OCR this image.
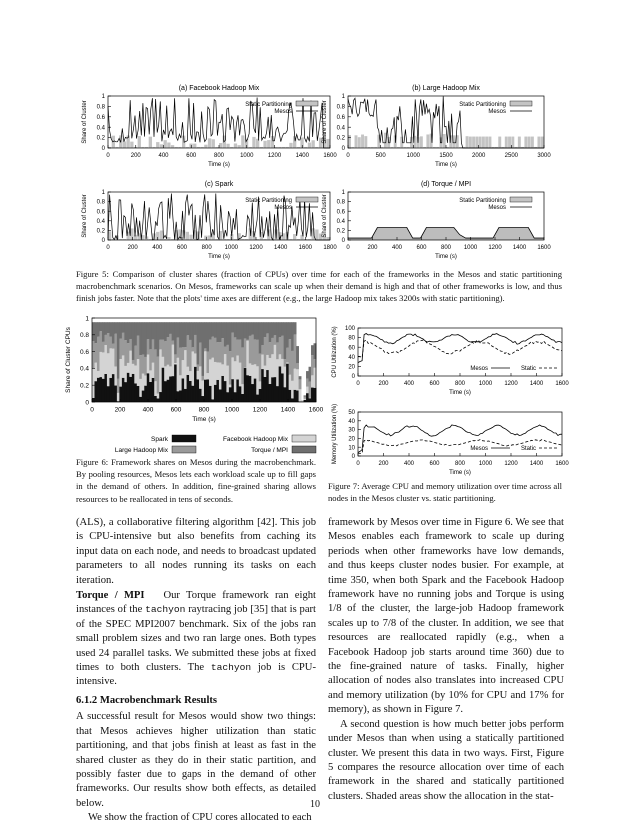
(a) Facebook Hadoop Mix
Static Partitioning
Mesos
0
0.2
0.4
0.6
0.8
1
0	200	400	600	800	1000 1200 1400 1600
Time (s)
Share of Cluster
(b) Large Hadoop Mix
Static Partitioning
Mesos
0
0.2
0.4
0.6
0.8
1
0	500	1000	1500	2000	2500	3000
Time (s)
Share of Cluster
(c) Spark
Static Partitioning
Mesos
0
0.2
0.4
0.6
0.8
1
0	200 400 600 800 1000 1200 1400 1600 1800
Time (s)
Share of Cluster
(d) Torque / MPI
Static Partitioning
Mesos
0
0.2
0.4
0.6
0.8
1
0	200 400 600 800 1000 1200 1400 1600
Time (s)
Share of Cluster
Figure 5: Comparison of cluster shares (fraction of CPUs) over time for each of the frameworks in the Mesos and static partitioning macrobenchmark scenarios. On Mesos, frameworks can scale up when their demand is high and that of other frameworks is low, and thus finish jobs faster. Note that the plots' time axes are different (e.g., the large Hadoop mix takes 3200s with static partitioning).
0
0.2
0.4
0.6
0.8
1
0	200	400	600	800 1000 1200 1400 1600
Time (s)
Share of Cluster CPUs
Spark	Facebook Hadoop Mix
Large Hadoop Mix	Torque / MPI
Figure 6: Framework shares on Mesos during the macrobenchmark. By pooling resources, Mesos lets each workload scale up to fill gaps in the demand of others. In addition, fine-grained sharing allows resources to be reallocated in tens of seconds.
0
20
40
60
80
100
0	200	400	600	800 1000 1200 1400 1600
Time (s)
CPU Utilization (%)	Mesos	Static
0
10
20
30
40
50
0	200	400	600	800 1000 1200 1400 1600
Time (s)
Memory Utilization (%)	Mesos	Static
Figure 7: Average CPU and memory utilization over time across all nodes in the Mesos cluster vs. static partitioning.

(ALS), a collaborative filtering algorithm [42]. This job is CPU-intensive but also benefits from caching its input data on each node, and needs to broadcast updated parameters to all nodes running its tasks on each iteration.

Torque / MPI Our Torque framework ran eight instances of the tachyon raytracing job [35] that is part of the SPEC MPI2007 benchmark. Six of the jobs ran small problem sizes and two ran large ones. Both types used 24 parallel tasks. We submitted these jobs at fixed times to both clusters. The tachyon job is CPU-intensive.

6.1.2 Macrobenchmark Results

A successful result for Mesos would show two things: that Mesos achieves higher utilization than static partitioning, and that jobs finish at least as fast in the shared cluster as they do in their static partition, and possibly faster due to gaps in the demand of other frameworks. Our results show both effects, as detailed below.

We show the fraction of CPU cores allocated to each

framework by Mesos over time in Figure 6. We see that Mesos enables each framework to scale up during periods when other frameworks have low demands, and thus keeps cluster nodes busier. For example, at time 350, when both Spark and the Facebook Hadoop framework have no running jobs and Torque is using 1/8 of the cluster, the large-job Hadoop framework scales up to 7/8 of the cluster. In addition, we see that resources are reallocated rapidly (e.g., when a Facebook Hadoop job starts around time 360) due to the fine-grained nature of tasks. Finally, higher allocation of nodes also translates into increased CPU and memory utilization (by 10% for CPU and 17% for memory), as shown in Figure 7.

A second question is how much better jobs perform under Mesos than when using a statically partitioned cluster. We present this data in two ways. First, Figure 5 compares the resource allocation over time of each framework in the shared and statically partitioned clusters. Shaded areas show the allocation in the stat-

10
